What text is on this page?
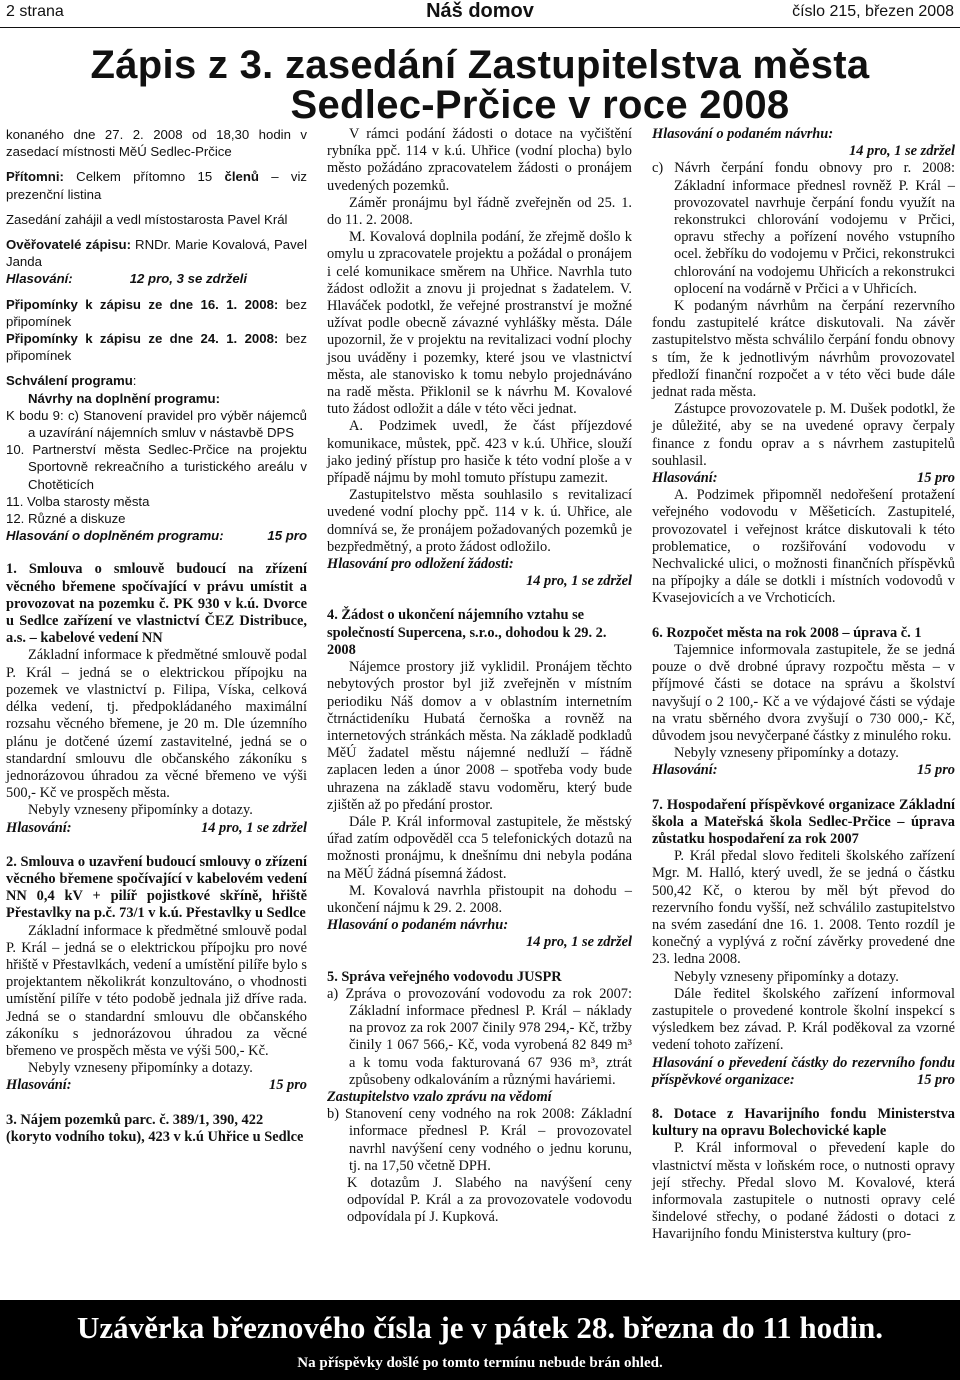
2 strana	Náš domov	číslo 215, březen 2008
Zápis z 3. zasedání Zastupitelstva města
Sedlec-Prčice v roce 2008

konaného dne 27. 2. 2008 od 18,30 hodin v zasedací místnosti MěÚ Sedlec-Prčice

Přítomni: Celkem přítomno 15 členů – viz prezenční listina

Zasedání zahájil a vedl místostarosta Pavel Král

Ověřovatelé zápisu: RNDr. Marie Kovalová, Pavel Janda

Hlasování:	12 pro, 3 se zdrželi

Připomínky k zápisu ze dne 16. 1. 2008: bez připomínek

Připomínky k zápisu ze dne 24. 1. 2008: bez připomínek

Schválení programu:

Návrhy na doplnění programu:

K bodu 9: c) Stanovení pravidel pro výběr nájemců a uzavírání nájemních smluv v nástavbě DPS

10. Partnerství města Sedlec-Prčice na projektu Sportovně rekreačního a turistického areálu v Chotěticích

11. Volba starosty města

12. Různé a diskuze

Hlasování o doplněném programu:	15 pro

1. Smlouva o smlouvě budoucí na zřízení věcného břemene spočívající v právu umístit a provozovat na pozemku č. PK 930 v k.ú. Dvorce u Sedlce zařízení ve vlastnictví ČEZ Distribuce, a.s. – kabelové vedení NN

Základní informace k předmětné smlouvě podal P. Král – jedná se o elektrickou přípojku na pozemek ve vlastnictví p. Filipa, Víska, celková délka vedení, tj. předpokládaného maximální rozsahu věcného břemene, je 20 m. Dle územního plánu je dotčené území zastavitelné, jedná se o standardní smlouvu dle občanského zákoníku s jednorázovou úhradou za věcné břemeno ve výši 500,- Kč ve prospěch města.

Nebyly vzneseny připomínky a dotazy.

Hlasování:	14 pro, 1 se zdržel

2. Smlouva o uzavření budoucí smlouvy o zřízení věcného břemene spočívající v kabelovém vedení NN 0,4 kV + pilíř pojistkové skříně, hřiště Přestavlky na p.č. 73/1 v k.ú. Přestavlky u Sedlce

Základní informace k předmětné smlouvě podal P. Král – jedná se o elektrickou přípojku pro nové hřiště v Přestavlkách, vedení a umístění pilíře bylo s projektantem několikrát konzultováno, o vhodnosti umístění pilíře v této podobě jednala již dříve rada. Jedná se o standardní smlouvu dle občanského zákoníku s jednorázovou úhradou za věcné břemeno ve prospěch města ve výši 500,- Kč.

Nebyly vzneseny připomínky a dotazy.

Hlasování:	15 pro

3. Nájem pozemků parc. č. 389/1, 390, 422 (koryto vodního toku), 423 v k.ú Uhřice u Sedlce

V rámci podání žádosti o dotace na vyčištění rybníka ppč. 114 v k.ú. Uhřice (vodní plocha) bylo město požádáno zpracovatelem žádosti o pronájem uvedených pozemků.

Záměr pronájmu byl řádně zveřejněn od 25. 1. do 11. 2. 2008.

M. Kovalová doplnila podání, že zřejmě došlo k omylu u zpracovatele projektu a požádal o pronájem i celé komunikace směrem na Uhřice. Navrhla tuto žádost odložit a znovu ji projednat s žadatelem. V. Hlaváček podotkl, že veřejné prostranství je možné užívat podle obecně závazné vyhlášky města. Dále upozornil, že v projektu na revitalizaci vodní plochy jsou uváděny i pozemky, které jsou ve vlastnictví města, ale stanovisko k tomu nebylo projednáváno na radě města. Přiklonil se k návrhu M. Kovalové tuto žádost odložit a dále v této věci jednat.

A. Podzimek uvedl, že část příjezdové komunikace, můstek, ppč. 423 v k.ú. Uhřice, slouží jako jediný přístup pro hasiče k této vodní ploše a v případě nájmu by mohl tomuto přístupu zamezit.

Zastupitelstvo města souhlasilo s revitalizací uvedené vodní plochy ppč. 114 v k. ú. Uhřice, ale domnívá se, že pronájem požadovaných pozemků je bezpředmětný, a proto žádost odložilo.

Hlasování pro odložení žádosti:

14 pro, 1 se zdržel

4. Žádost o ukončení nájemního vztahu se společností Supercena, s.r.o., dohodou k 29. 2. 2008

Nájemce prostory již vyklidil. Pronájem těchto nebytových prostor byl již zveřejněn v místním periodiku Náš domov a v oblastním internetním čtrnáctideníku Hubatá černoška a rovněž na internetových stránkách města. Na základě podkladů MěÚ žadatel městu nájemné nedluží – řádně zaplacen leden a únor 2008 – spotřeba vody bude uhrazena na základě stavu vodoměru, který bude zjištěn až po předání prostor.

Dále P. Král informoval zastupitele, že městský úřad zatím odpověděl cca 5 telefonických dotazů na možnosti pronájmu, k dnešnímu dni nebyla podána na MěÚ žádná písemná žádost.

M. Kovalová navrhla přistoupit na dohodu – ukončení nájmu k 29. 2. 2008.

Hlasování o podaném návrhu:

14 pro, 1 se zdržel

5. Správa veřejného vodovodu JUSPR

a) Zpráva o provozování vodovodu za rok 2007: Základní informace přednesl P. Král – náklady na provoz za rok 2007 činily 978 294,- Kč, tržby činily 1 067 566,- Kč, voda vyrobená 82 849 m³ a k tomu voda fakturovaná 67 936 m³, ztrát způsobeny odkalováním a různými haváriemi.

Zastupitelstvo vzalo zprávu na vědomí

b) Stanovení ceny vodného na rok 2008: Základní informace přednesl P. Král – provozovatel navrhl navýšení ceny vodného o jednu korunu, tj. na 17,50 včetně DPH.

K dotazům J. Slabého na navýšení ceny odpovídal P. Král a za provozovatele vodovodu odpovídala pí J. Kupková.

Hlasování o podaném návrhu:

14 pro, 1 se zdržel

c) Návrh čerpání fondu obnovy pro r. 2008: Základní informace přednesl rovněž P. Král – provozovatel navrhuje čerpání fondu využít na rekonstrukci chlorování vodojemu v Prčici, opravu střechy a pořízení nového vstupního ocel. žebříku do vodojemu v Prčici, rekonstrukci chlorování na vodojemu Uhřicích a rekonstrukci oplocení na vodárně v Prčici a v Uhřicích.

K podaným návrhům na čerpání rezervního fondu zastupitelé krátce diskutovali. Na závěr zastupitelstvo města schválilo čerpání fondu obnovy s tím, že k jednotlivým návrhům provozovatel předloží finanční rozpočet a v této věci bude dále jednat rada města.

Zástupce provozovatele p. M. Dušek podotkl, že je důležité, aby se na uvedené opravy čerpaly finance z fondu oprav a s návrhem zastupitelů souhlasil.

Hlasování:	15 pro

A. Podzimek připomněl nedořešení protažení veřejného vodovodu v Měšeticích. Zastupitelé, provozovatel i veřejnost krátce diskutovali k této problematice, o rozšiřování vodovodu v Nechvalické ulici, o možnosti finančních příspěvků na přípojky a dále se dotkli i místních vodovodů v Kvasejovicích a ve Vrchoticích.

6. Rozpočet města na rok 2008 – úprava č. 1

Tajemnice informovala zastupitele, že se jedná pouze o dvě drobné úpravy rozpočtu města – v příjmové části se dotace na správu a školství navyšují o 2 100,- Kč a ve výdajové části se výdaje na vratu sběrného dvora zvyšují o 730 000,- Kč, důvodem jsou nevyčerpané částky z minulého roku.

Nebyly vzneseny připomínky a dotazy.

Hlasování:	15 pro

7. Hospodaření příspěvkové organizace Základní škola a Mateřská škola Sedlec-Prčice – úprava zůstatku hospodaření za rok 2007

P. Král předal slovo řediteli školského zařízení Mgr. M. Halló, který uvedl, že se jedná o částku 500,42 Kč, o kterou by měl být převod do rezervního fondu vyšší, než schválilo zastupitelstvo na svém zasedání dne 16. 1. 2008. Tento rozdíl je konečný a vyplývá z roční závěrky provedené dne 23. ledna 2008.

Nebyly vzneseny připomínky a dotazy.

Dále ředitel školského zařízení informoval zastupitele o provedené kontrole školní inspekcí s výsledkem bez závad. P. Král poděkoval za vzorné vedení tohoto zařízení.

Hlasování o převedení částky do rezervního fondu příspěvkové organizace:	15 pro

8. Dotace z Havarijního fondu Ministerstva kultury na opravu Bolechovické kaple

P. Král informoval o převedení kaple do vlastnictví města v loňském roce, o nutnosti opravy její střechy. Předal slovo M. Kovalové, která informovala zastupitele o nutnosti opravy celé šindelové střechy, o podané žádosti o dotaci z Havarijního fondu Ministerstva kultury (pro-

Uzávěrka březnového čísla je v pátek 28. března do 11 hodin.
Na příspěvky došlé po tomto termínu nebude brán ohled.
